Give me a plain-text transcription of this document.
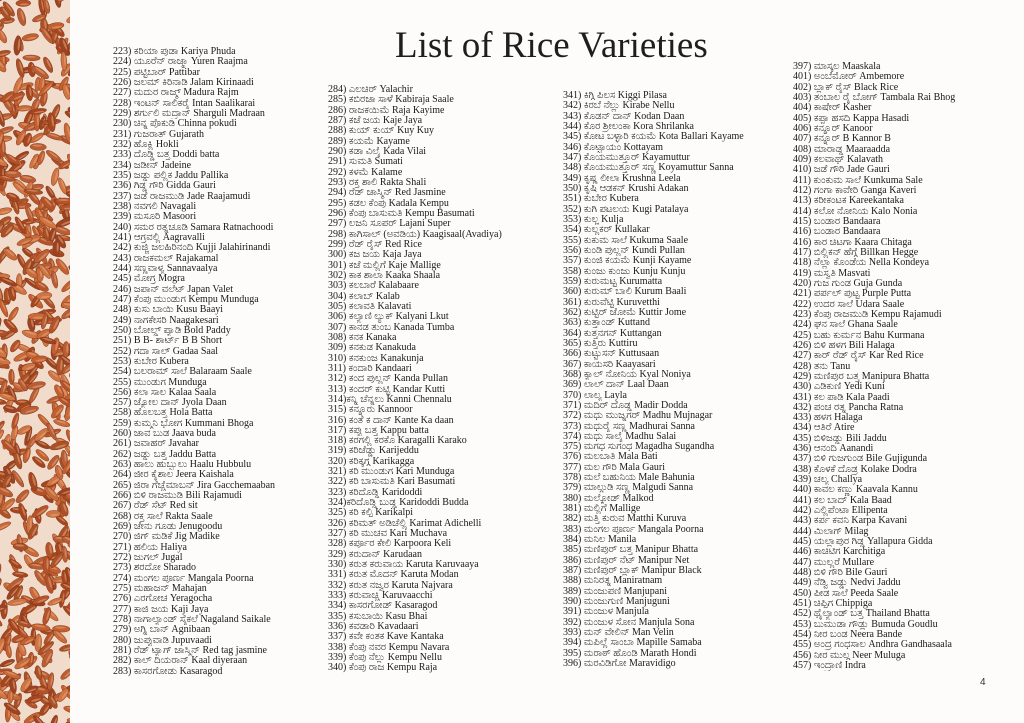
List of Rice Varieties
223) ಕರಿಯಾ ಪುಡಾ Kariya Phuda
224) ಯೂರೆನ್ ರಾಜ್ಮಾ Yuren Raajma
225) ಪಟ್ಟಿಬಾರ್ Pattibar
226) ಜಲಮ್ ಕಿರಿನಾಡಿ Jalam Kirinaadi
227) ಮದುರ ರಾಜ್ಮ್ Madura Rajm
228) ಇಂಟನ್ ಸಾಲಿಕರೈ Intan Saalikarai
229) ಶರ್ಗುಲಿ ಮದ್ರಾನ್ Sharguli Madraan
230) ಚಿನ್ನ ಪೊಕುಡಿ Chinna pokudi
231) ಗುಜರಾತ್ Gujarath
232) ಹೊಕ್ಲಿ Hokli
233) ದೊಡ್ಡಿ ಬತ್ತ Doddi batta
234) ಜಡೀನ್ Jadeine
235) ಜಡ್ಡು ಪಲ್ಲಿಕ Jaddu Pallika
236) ಗಿಡ್ಡ ಗೌರಿ Gidda Gauri
237) ಜಡೆ ರಾಜಮುಡಿ Jade Raajamudi
238) ನವಗಲಿ Navagali
239) ಮಸೂರಿ Masoori
240) ಸಮರ ರತ್ನಚೂಡಿ Samara Ratnachoodi
241) ಆಗ್ರವಲ್ಲಿ Aagravalli
242) ಕುಜ್ಜಿ ಜಲಹಿರಿನಂದಿ Kujji Jalahirinandi
243) ರಾಜಕಮಲ್ Rajakamal
244) ಸಣ್ಣವಾಳ್ಯ Sannavaalya
245) ಮೋಗ್ರ Mogra
246) ಜಪಾನ್ ವಲೆಟ್ Japan Valet
247) ಕೆಂಪು ಮುಂಡುಗ Kempu Munduga
248) ಕುಸು ಬಾಯಿ Kusu Baayi
249) ನಾಗಕೇಸರಿ Naagakesari
250) ಬೋಲ್ಡ್ ಪ್ಯಾಡಿ Bold Paddy
251) B B- ಶಾರ್ಟ್ B B Short
252) ಗದಾ ಸಾಲ್ Gadaa Saal
253) ಕುಬೇರ Kubera
254) ಬಲರಾಮ್ ಸಾಲೆ Balaraam Saale
255) ಮುಂಡುಗ Munduga
256) ಕಲಾ ಸಾಲ Kalaa Saala
257) ಜ್ಯೋಲ ದಾನ್ Jyola Daan
258) ಹೊಲಬತ್ತ Hola Batta
259) ಕುಮ್ಮನಿ ಭೋಗ Kummani Bhoga
260) ಜಾವ ಬುಡ Jaava buda
261) ಜವಾಹರ್ Javahar
262) ಜಡ್ಡು ಬತ್ತ Jaddu Batta
263) ಹಾಲು ಹುಬ್ಬುಲು Haalu Hubbulu
264) ಜೀರ ಕೈಶಾಲ Jeera Kaishala
265) ಜಿರಾ ಗೆಚ್ಚೆಮಾಬನ್ Jira Gacchemaaban
266) ಬಿಳಿ ರಾಜಮುಡಿ Bili Rajamudi
267) ರೆಡ್ ಸೆಟ್ Red sit
268) ರಕ್ತ ಸಾಲೆ Rakta Saale
269) ಜೇನು ಗೂಡು Jenugoodu
270) ಜಿಗ್ ಮಡಿಕೆ Jig Madike
271) ಹಲಿಯ Haliya
272) ಜುಗಲ್ Jugal
273) ಶರದೋ Sharado
274) ಮಂಗಲ ಪೂರ್ಣ Mangala Poorna
275) ಮಹಾಜನ್ Mahajan
276) ಎರಗೋಚ Yeragocha
277) ಕಾಜಿ ಜಯ Kaji Jaya
278) ನಾಗಾಲ್ಯಾಂಡ್ ಸೈಕಲೆ Nagaland Saikale
279) ಅಗ್ನಿ ಬಾನ್ Agnibaan
280) ಜುಪ್ಪುವಾಡಿ Jupuvaadi
281) ರೆಡ್ ಟ್ಯಾಗ್ ಜಾಸ್ಮಿನ್ Red tag jasmine
282) ಕಾಲ್ ದಿಯರಾನ್ Kaal diyeraan
283) ಕಾಸರಗೋಡು Kasaragod
284) ಎಲಚಿರ್ Yalachir
285) ಕಬಿರಜಾ ಸಾಳೆ Kabiraja Saale
286) ರಾಜಕಯಿಮೆ Raja Kayime
287) ಕಜೆ ಜಯ Kaje Jaya
288) ಕುಯ್ ಕುಯ್ Kuy Kuy
289) ಕಯಮೆ Kayame
290) ಕಡಾ ವಿಲೈ Kada Vilai
291) ಸುಮತಿ Sumati
292) ಕಳಮೆ Kalame
293) ರಕ್ತ ಶಾಲಿ Rakta Shali
294) ರೆಡ್ ಜಾಸ್ಮಿನ್ Red Jasmine
295) ಕಡಲ ಕೆಂಪು Kadala Kempu
296) ಕೆಂಪು ಬಾಸುಮತಿ Kempu Basumati
297) ಲಜನಿ ಸೂಪರ್ Lajani Super
298) ಕಾಗಿಸಾಲ್ (ಅವಡಿಯ) Kaagisaal(Avadiya)
299) ರೆಡ್ ರೈಸ್ Red Rice
300) ಕಜ ಜಯ Kaja Jaya
301) ಕಜೆ ಮಲ್ಲಿಗೆ Kaje Mallige
302) ಕಾಕ ಶಾಲಾ Kaaka Shaala
303) ಕಲಬಾರೆ Kalabaare
304) ಕಲಾಬ್ Kalab
305) ಕಲಾವತಿ Kalavati
306) ಕಲ್ಯಾಣಿ ಲ್ಯುಕ್ Kalyani Lkut
307) ಕಾನಡ ತುಂಬ Kanada Tumba
308) ಕನಕ Kanaka
309) ಕನಕುಡ Kanakuda
310) ಕನಕುಂಜ Kanakunja
311) ಕಂದಾರಿ Kandaari
312) ಕಂದ ಪುಲ್ಲನ್ Kanda Pullan
313) ಕಂದರ್ ಕುಟ್ಟಿ Kandar Kutti
314)ಕನ್ನಿ ಚೆನ್ನಲು Kanni Chennalu
315) ಕನ್ನೂರು Kannoor
316) ಕಂತೆ ಕ ದಾನ್ Kante Ka daan
317) ಕಪ್ಪು ಬತ್ತ Kappu batta
318) ಕರಗಲ್ಲಿ ಕರಕೊ Karagalli Karako
319) ಕರಿಜೆಡ್ಡು Karijeddu
320) ಕರಿಕ್ಕಗ್ಗ Karikagga
321) ಕರಿ ಮುಂಡುಗ Kari Munduga
322) ಕರಿ ಬಾಸುಮತಿ Kari Basumati
323) ಕರಿದೊಡ್ಡಿ Karidoddi
324)ಕರಿದೊಡ್ಡಿ ಬುಡ್ಡ Karidoddi Budda
325) ಕರಿ ಕಲ್ಪಿ Karikalpi
326) ಕರಿಮತ್ ಅಡಿಚೆಲ್ಲಿ Karimat Adichelli
327) ಕರಿ ಮುಚವ Kari Muchava
328) ಕರ್ಪೂರ ಕೇಲಿ Karpoora Keli
329) ಕರುದಾನ್ Karudaan
330) ಕರುತ ಕರುವಾಯ Karuta Karuvaaya
331) ಕರುತ ಮೊದನ್ Karuta Modan
332) ಕರುತ ನಜ್ವರ Karuta Najvara
333) ಕರುವಾಚ್ಚಿ Karuvaacchi
334) ಕಾಸರಗೋಡ್ Kasaragod
335) ಕಸುಬಾಯಿ Kasu Bhai
336) ಕವಡಾರಿ Kavadaari
337) ಕವೇ ಕಂತಕ Kave Kantaka
338) ಕೆಂಪು ನವರ Kempu Navara
339) ಕೆಂಪು ನೆಲ್ಲು Kempu Nellu
340) ಕೆಂಪು ರಾಜ Kempu Raja
341) ಕಿಗ್ಗಿ ಪಿಲಸ Kiggi Pilasa
342) ಕಿರಬೆ ನೆಲ್ಲು Kirabe Nellu
343) ಕೊಡನ್ ದಾನ್ Kodan Daan
344) ಕೊರ ಶ್ರೀಲಂಕಾ Kora Shrilanka
345) ಕೋಟ ಬಳ್ಳಾರಿ ಕಯಮೆ Kota Ballari Kayame
346) ಕೊಟ್ಟಾಯಂ Kottayam
347) ಕೊಯಮುತ್ತೂರ್ Kayamuttur
348) ಕೊಯಮುತ್ತೂರ್ ಸಣ್ಣ Koyamuttur Sanna
349) ಕೃಷ್ಣ ಲೀಲಾ Krushna Leela
350) ಕೃಷಿ ಆಡಕನ್ Krushi Adakan
351) ಕುಬೇರ Kubera
352) ಕುಗಿ ಪಟಲಯ Kugi Patalaya
353) ಕುಲ್ಜ Kulja
354) ಕುಲ್ಲಕರ್ Kullakar
355) ಕುಕುಮ ಸಾಲೆ Kukuma Saale
356) ಕುಂಡಿ ಪುಲ್ಲನ್ Kundi Pullan
357) ಕುಂಜಿ ಕಯಮೆ Kunji Kayame
358) ಕುಂಜು ಕುಂಜು Kunju Kunju
359) ಕುರುಮಟ್ಟ Kurumatta
360) ಕುರುಮ್ ಬಾಲಿ Kurum Baali
361) ಕುರುವೆಟ್ಟಿ Kuruvetthi
362) ಕುಟ್ಟಿರ್ ಜೋಮೆ Kuttir Jome
363) ಕುತ್ತಾಂಡ್ Kuttand
364) ಕುತ್ತನಗನ್ Kuttangan
365) ಕುತ್ತಿರು Kuttiru
366) ಕುಟ್ಟುಸನ್ Kuttusaan
367) ಕಾಯಸರಿ Kaayasari
368) ಕ್ಯಾಲ್ ನೋನಿಯ Kyal Noniya
369) ಲಾಲ್ ದಾನ್ Laal Daan
370) ಲಾಲ್ಯ Layla
371) ಮದಿರ್ ದೊಡ್ಡ Madir Dodda
372) ಮಧು ಮುಜ್ನಗರ್ Madhu Mujnagar
373) ಮಧುರೈ ಸಣ್ಣ Madhurai Sanna
374) ಮಧು ಸಾಲೈ Madhu Salai
375) ಮಗಧ ಸುಗಂಧ Magadha Sugandha
376) ಮಲಬಾತಿ Mala Bati
377) ಮಲ ಗೌರಿ Mala Gauri
378) ಮಲೆ ಬಹುನಿಯ Male Bahunia
379) ಮಾಲ್ಗುಡಿ ಸಣ್ಣ Malgudi Sanna
380) ಮಲ್ಕೋಡ್ Malkod
381) ಮಲ್ಲಿಗೆ Mallige
382) ಮತ್ತಿ ಕುರುವ Matthi Kuruva
383) ಮಂಗಲ ಪೂರ್ಣ Mangala Poorna
384) ಮನಿಲ Manila
385) ಮಣಿಪುರ್ ಬತ್ತ Manipur Bhatta
386) ಮಣಿಪುರ್ ನೆಟ್ Manipur Net
387) ಮಣಿಪುರ್ ಬ್ಲಾಕ್ Manipur Black
388) ಮನಿರತ್ನ Maniratnam
389) ಮಂಜುಪಣಿ Manjupani
390) ಮಂಜುಗುಣಿ Manjuguni
391) ಮಂಜುಳ Manjula
392) ಮಂಜುಳ ಸೋನ Manjula Sona
393) ಮನ್ ವೇಲಿನ್ Man Velin
394) ಮಪಿಲ್ಲೆ ಸಾಂಬಾ Mapille Samaba
395) ಮರಾಠ್ ಹೊಂಡಿ Marath Hondi
396) ಮರವಿಡಿಗೋ Maravidigo
397) ಮಾಸ್ಕಲ Maaskala
401) ಅಂಬೆಮೋರ್ Ambemore
402) ಬ್ಲಾಕ್ ರೈಸ್ Black Rice
403) ತಂಬಾಲ ರೈ ಬೋಗ್ Tambala Rai Bhog
404) ಕಾಷೇರ್ Kasher
405) ಕಪ್ಪಾ ಹಸದಿ Kappa Hasadi
406) ಕನ್ನೂರ್ Kanoor
407) ಕನ್ನೂರ್ B Kannor B
408) ಮಾರಾಡ್ಡ Maaraadda
409) ಕಲವಾಥ್ Kalavath
410) ಜಡೆ ಗೌರಿ Jade Gauri
411) ಕುಂಕುಮ ಸಾಲೆ Kunkuma Sale
412) ಗಂಗಾ ಕಾವೇರಿ Ganga Kaveri
413) ಕರೀಕಂಟಕ Kareekantaka
414) ಕಲೋ ನೋನಿಯ Kalo Nonia
415) ಬಂಡಾರ Bandaara
416) ಬಂಡಾರ Bandaara
416) ಕಾರ ಚಿಟಗಾ Kaara Chitaga
417) ಬಿಲ್ಲಿಕನ್ ಹೆಗ್ಗೆ Billkan Hegge
418) ನೆಲ್ಲಾ ಕೊಂಡೆಯ Nella Kondeya
419) ಮಸ್ವತಿ Masvati
420) ಗುಜ ಗುಂಡ Guja Gunda
421) ಪರ್ಪಲ್ ಪುಟ್ಟ Purple Putta
422) ಉದರ ಸಾಲೆ Udara Saale
423) ಕೆಂಪು ರಾಜಮುಡಿ Kempu Rajamudi
424) ಘನ ಸಾಲೆ Ghana Saale
425) ಬಹು ಕುರ್ಮನ Bahu Kurmana
426) ಬಿಳಿ ಹಳಗ Bili Halaga
427) ಕಾರ್ ರೆಡ್ ರೈಸ್ Kar Red Rice
428) ತನು Tanu
429) ಮಣಿಪುರ ಬತ್ತ Manipura Bhatta
430) ಎಡಿಕುಣಿ Yedi Kuni
431) ಕಲ ಪಾಡಿ Kala Paadi
432) ಪಂಚ ರತ್ನ Pancha Ratna
433) ಹಳಗ Halaga
434) ಆತಿರೆ Atire
435) ಬಿಳಿಜಡ್ಡು Bili Jaddu
436) ಆನಂದಿ Aanandi
437) ಬಿಳಿ ಗುಜಗುಂಡ Bile Gujigunda
438) ಕೊಳಕೆ ದೊಡ್ರ Kolake Dodra
439) ಚಲ್ಯ Challya
440) ಕಾವಲ ಕಣ್ಣು Kaavala Kannu
441) ಕಲ ಬಾದ್ Kala Baad
442) ಎಲ್ಲಿಪೆಂಟಾ Ellipenta
443) ಕರ್ಪ ಕವನಿ Karpa Kavani
444) ಮಿಲಾಗ್ Milag
445) ಯಲ್ಲಾಪುರ ಗಿಡ್ಡ Yallapura Gidda
446) ಕಾಚಿಟಿಗ Karchitiga
447) ಮುಲ್ಲರೆ Mullare
448) ಬಿಳಿ ಗೌರಿ Bile Gauri
449) ನೆಡ್ವಿ ಜಡ್ಡು Nedvi Jaddu
450) ಪೀಡ ಸಾಲೆ Peeda Saale
451) ಚಿಪ್ಪಿಗ Chippiga
452) ಥೈಲ್ಯಾಂಡ್ ಬತ್ತ Thailand Bhatta
453) ಬುಮುಡಾ ಗೌಡ್ಲು Bumuda Goudlu
454) ನೀರ ಬಂಡ Neera Bande
455) ಅಂದ್ರ ಗಂಧಸಾಲ Andhra Gandhasaala
456) ನೀರ ಮುಲ್ಗ Neer Muluga
457) ಇಂದ್ರಾಣಿ Indra
4
